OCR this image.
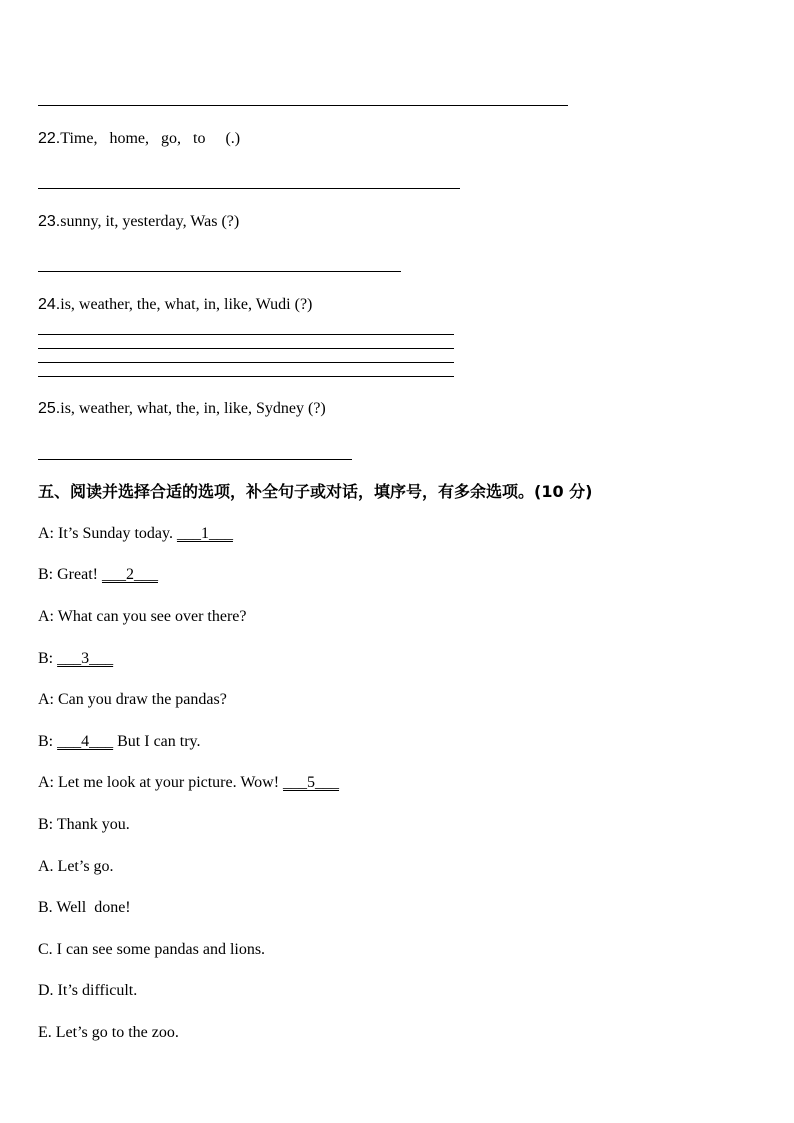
22.Time,   home,   go,   to     (.)
23.sunny, it, yesterday, Was (?)
24.is, weather, the, what, in, like, Wudi (?)
25.is, weather, what, the, in, like, Sydney (?)
五、阅读并选择合适的选项，补全句子或对话，填序号，有多余选项。(10 分)
A: It’s Sunday today. ___1___
B: Great! ___2___
A: What can you see over there?
B: ___3___
A: Can you draw the pandas?
B: ___4___ But I can try.
A: Let me look at your picture. Wow! ___5___
B: Thank you.
A. Let’s go.
B. Well  done!
C. I can see some pandas and lions.
D. It’s difficult.
E. Let’s go to the zoo.
